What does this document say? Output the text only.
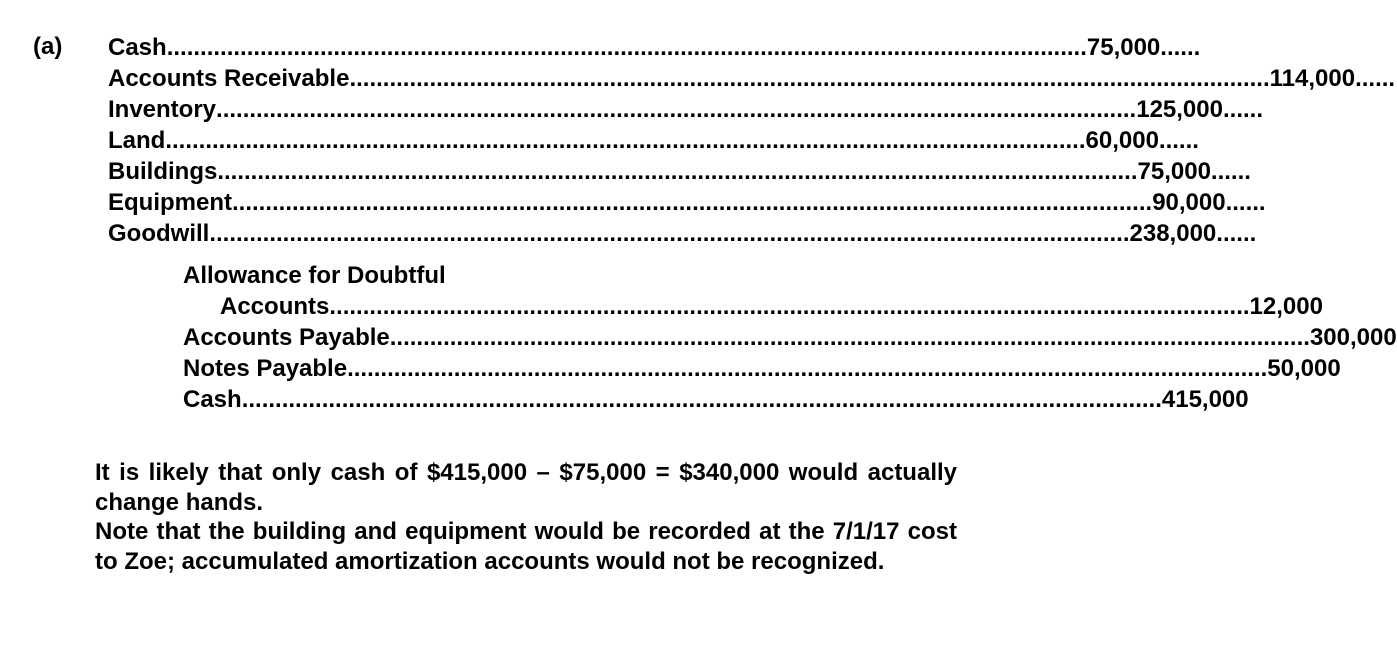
(a) Cash .......................................................................................................................................... 75,000 ......
Accounts Receivable .......................................................................................................................................... 114,000 ......
Inventory .......................................................................................................................................... 125,000 ......
Land .......................................................................................................................................... 60,000 ......
Buildings .......................................................................................................................................... 75,000 ......
Equipment .......................................................................................................................................... 90,000 ......
Goodwill .......................................................................................................................................... 238,000 ......
Allowance for Doubtful
Accounts .......................................................................................................................................... 12,000
Accounts Payable .......................................................................................................................................... 300,000
Notes Payable .......................................................................................................................................... 50,000
Cash .......................................................................................................................................... 415,000

It is likely that only cash of $415,000 – $75,000 = $340,000 would actually change hands.

Note that the building and equipment would be recorded at the 7/1/17 cost to Zoe; accumulated amortization accounts would not be recognized.
